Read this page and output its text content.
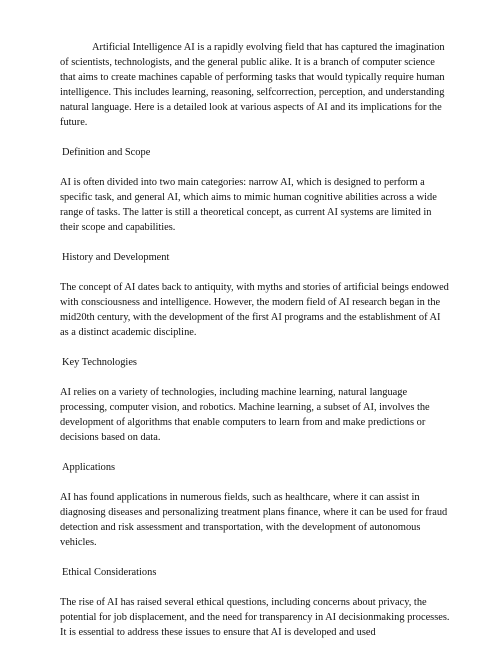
Artificial Intelligence AI is a rapidly evolving field that has captured the imagination of scientists, technologists, and the general public alike. It is a branch of computer science that aims to create machines capable of performing tasks that would typically require human intelligence. This includes learning, reasoning, selfcorrection, perception, and understanding natural language. Here is a detailed look at various aspects of AI and its implications for the future.

Definition and Scope

AI is often divided into two main categories: narrow AI, which is designed to perform a specific task, and general AI, which aims to mimic human cognitive abilities across a wide range of tasks. The latter is still a theoretical concept, as current AI systems are limited in their scope and capabilities.

History and Development

The concept of AI dates back to antiquity, with myths and stories of artificial beings endowed with consciousness and intelligence. However, the modern field of AI research began in the mid20th century, with the development of the first AI programs and the establishment of AI as a distinct academic discipline.

Key Technologies

AI relies on a variety of technologies, including machine learning, natural language processing, computer vision, and robotics. Machine learning, a subset of AI, involves the development of algorithms that enable computers to learn from and make predictions or decisions based on data.

Applications

AI has found applications in numerous fields, such as healthcare, where it can assist in diagnosing diseases and personalizing treatment plans finance, where it can be used for fraud detection and risk assessment and transportation, with the development of autonomous vehicles.

Ethical Considerations

The rise of AI has raised several ethical questions, including concerns about privacy, the potential for job displacement, and the need for transparency in AI decisionmaking processes. It is essential to address these issues to ensure that AI is developed and used
